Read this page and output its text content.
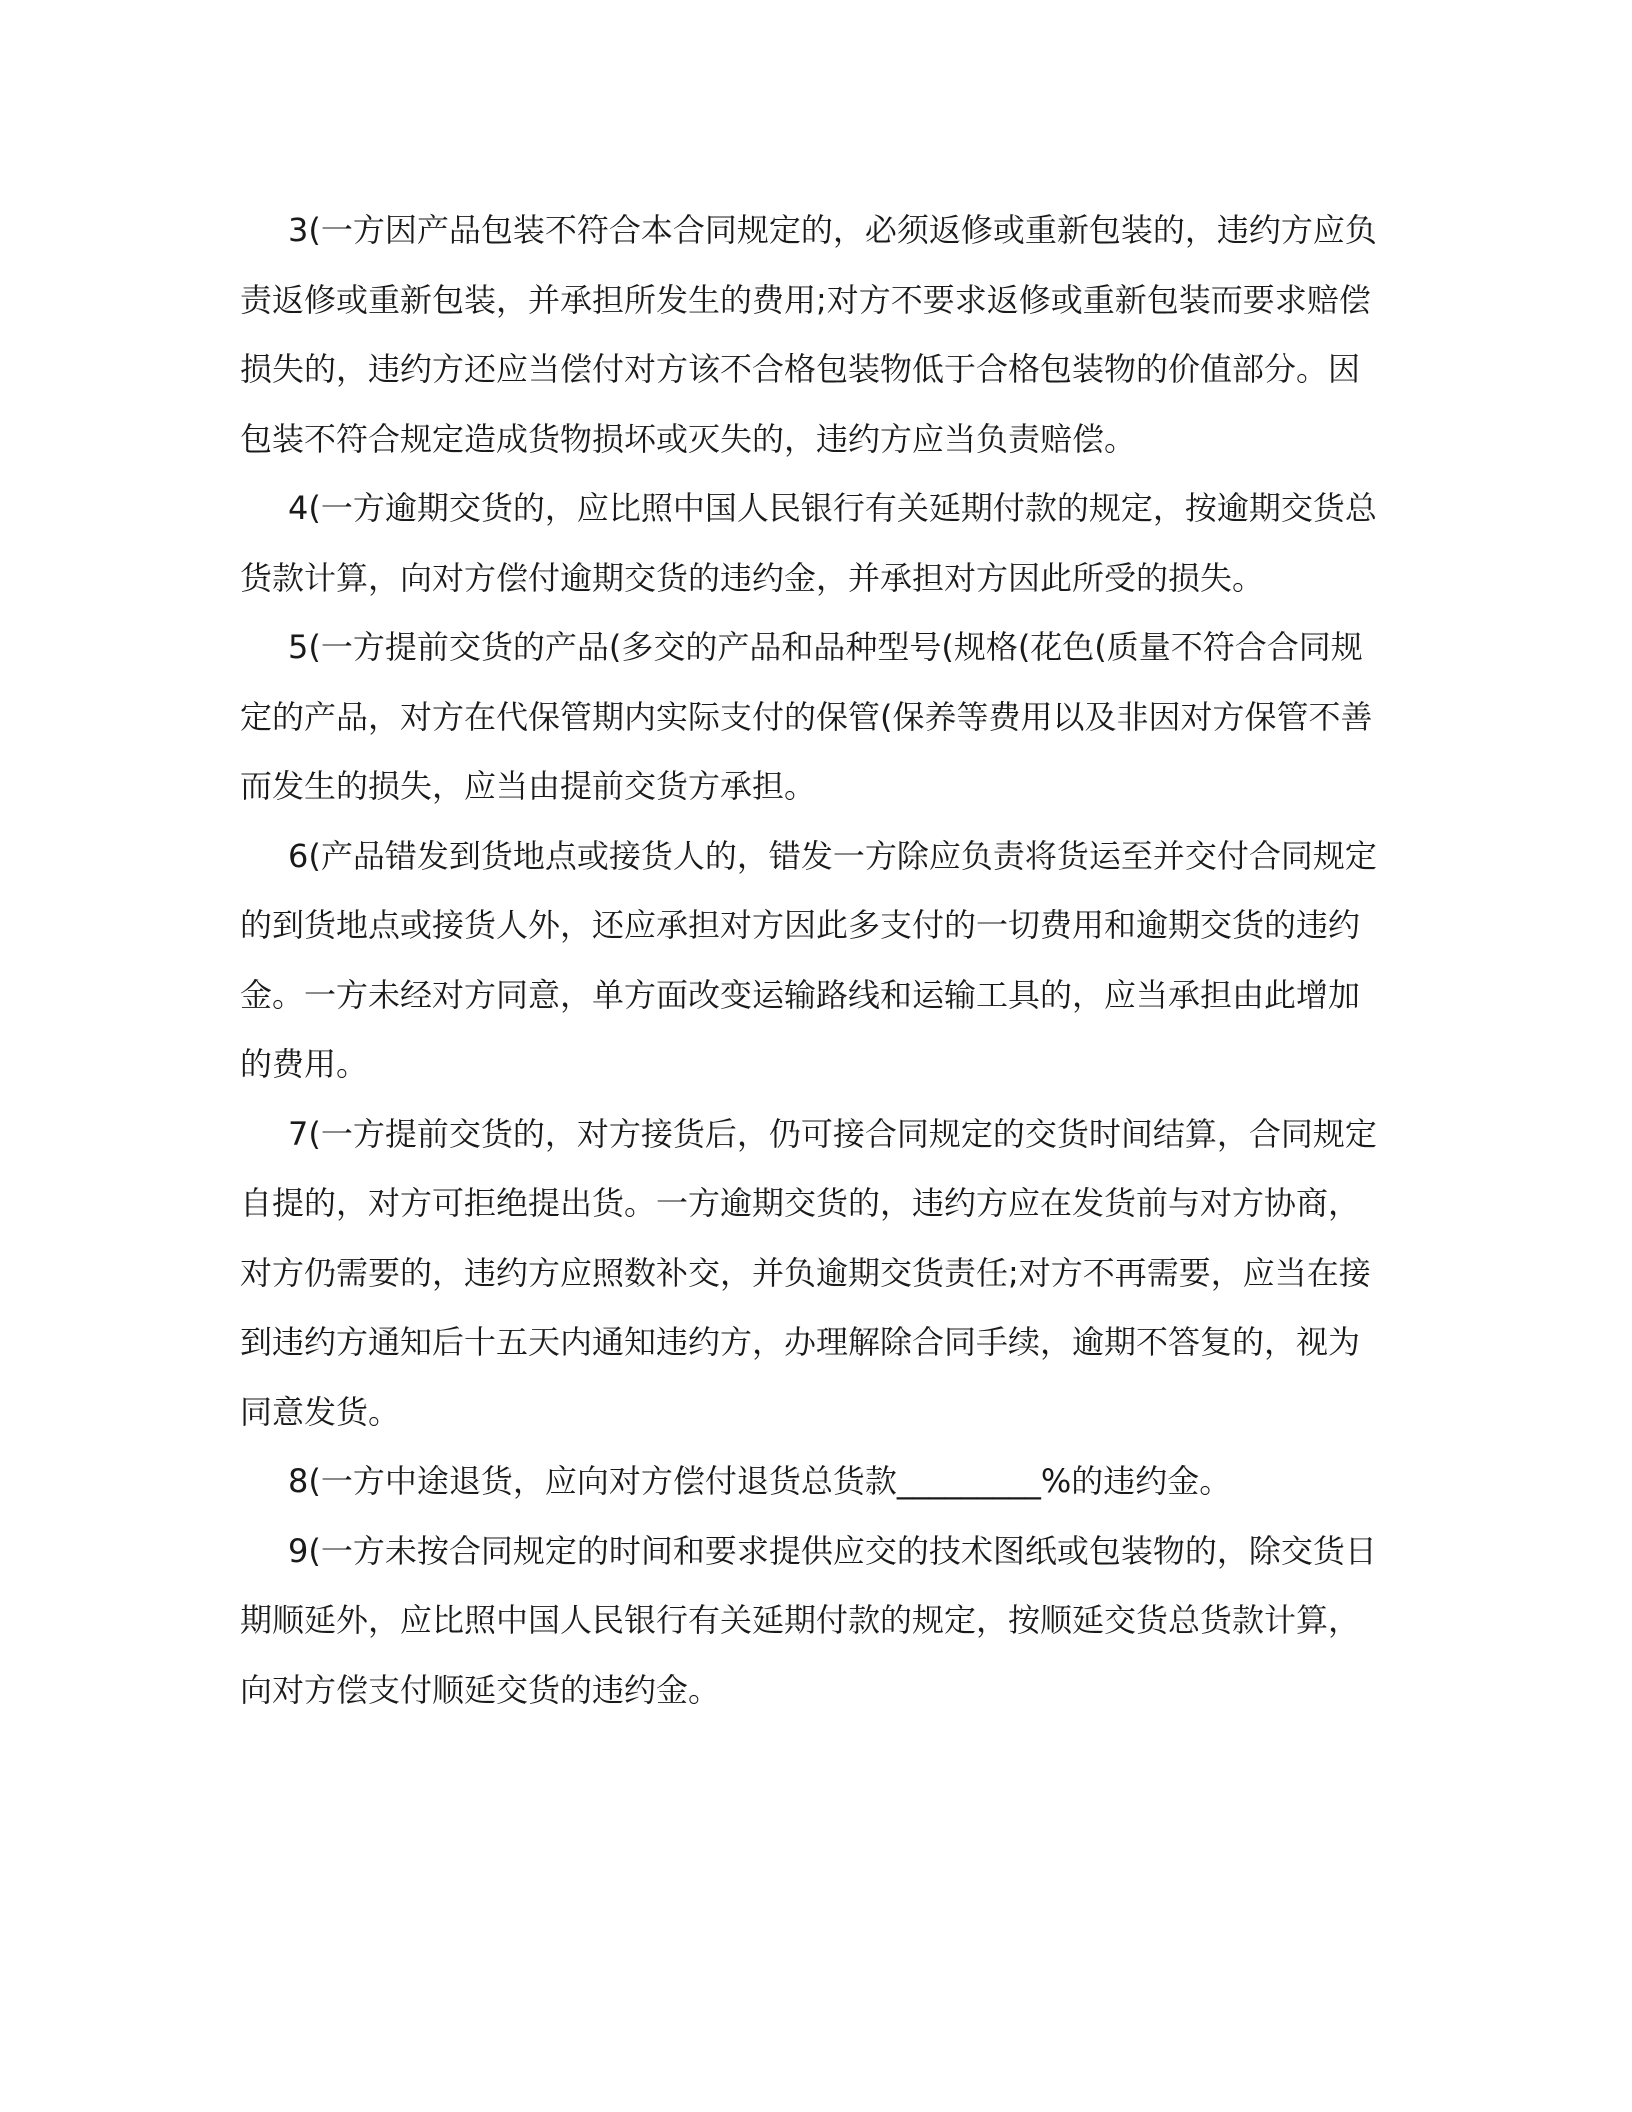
3(一方因产品包装不符合本合同规定的，必须返修或重新包装的，违约方应负责返修或重新包装，并承担所发生的费用;对方不要求返修或重新包装而要求赔偿损失的，违约方还应当偿付对方该不合格包装物低于合格包装物的价值部分。因包装不符合规定造成货物损坏或灭失的，违约方应当负责赔偿。

4(一方逾期交货的，应比照中国人民银行有关延期付款的规定，按逾期交货总货款计算，向对方偿付逾期交货的违约金，并承担对方因此所受的损失。

5(一方提前交货的产品(多交的产品和品种型号(规格(花色(质量不符合合同规定的产品，对方在代保管期内实际支付的保管(保养等费用以及非因对方保管不善而发生的损失，应当由提前交货方承担。

6(产品错发到货地点或接货人的，错发一方除应负责将货运至并交付合同规定的到货地点或接货人外，还应承担对方因此多支付的一切费用和逾期交货的违约金。一方未经对方同意，单方面改变运输路线和运输工具的，应当承担由此增加的费用。

7(一方提前交货的，对方接货后，仍可接合同规定的交货时间结算，合同规定自提的，对方可拒绝提出货。一方逾期交货的，违约方应在发货前与对方协商，对方仍需要的，违约方应照数补交，并负逾期交货责任;对方不再需要，应当在接到违约方通知后十五天内通知违约方，办理解除合同手续，逾期不答复的，视为同意发货。

8(一方中途退货，应向对方偿付退货总货款_________%的违约金。

9(一方未按合同规定的时间和要求提供应交的技术图纸或包装物的，除交货日期顺延外，应比照中国人民银行有关延期付款的规定，按顺延交货总货款计算，向对方偿支付顺延交货的违约金。
